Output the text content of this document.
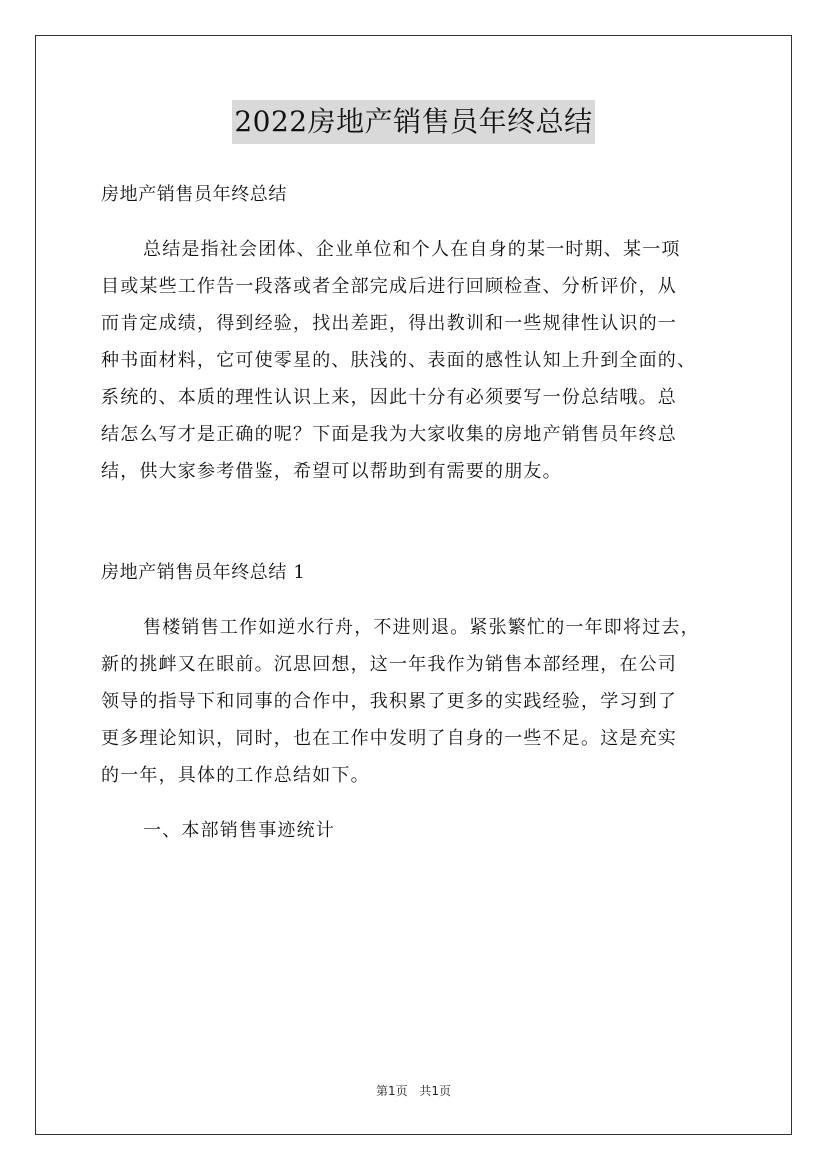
2022房地产销售员年终总结
房地产销售员年终总结
总结是指社会团体、企业单位和个人在自身的某一时期、某一项
目或某些工作告一段落或者全部完成后进行回顾检查、分析评价，从
而肯定成绩，得到经验，找出差距，得出教训和一些规律性认识的一
种书面材料，它可使零星的、肤浅的、表面的感性认知上升到全面的、
系统的、本质的理性认识上来，因此十分有必须要写一份总结哦。总
结怎么写才是正确的呢？下面是我为大家收集的房地产销售员年终总
结，供大家参考借鉴，希望可以帮助到有需要的朋友。
房地产销售员年终总结 1
售楼销售工作如逆水行舟，不进则退。紧张繁忙的一年即将过去，
新的挑衅又在眼前。沉思回想，这一年我作为销售本部经理，在公司
领导的指导下和同事的合作中，我积累了更多的实践经验，学习到了
更多理论知识，同时，也在工作中发明了自身的一些不足。这是充实
的一年，具体的工作总结如下。
一、本部销售事迹统计
第1页 共1页
